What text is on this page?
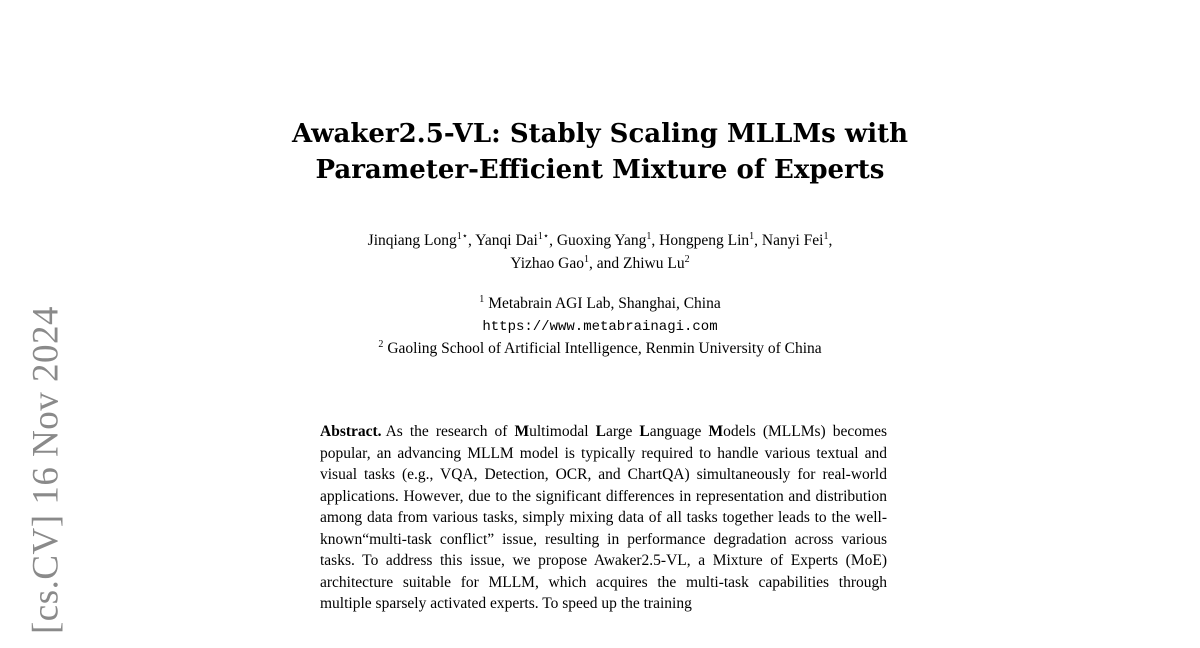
[cs.CV] 16 Nov 2024
Awaker2.5-VL: Stably Scaling MLLMs with
Parameter-Efficient Mixture of Experts
Jinqiang Long$^{1⋆}$, Yanqi Dai$^{1⋆}$, Guoxing Yang$^1$, Hongpeng Lin$^1$, Nanyi Fei$^1$,
Yizhao Gao$^1$, and Zhiwu Lu$^2$
$^1$ Metabrain AGI Lab, Shanghai, China
https://www.metabrainagi.com
$^2$ Gaoling School of Artificial Intelligence, Renmin University of China

Abstract. As the research of Multimodal Large Language Models (MLLMs) becomes popular, an advancing MLLM model is typically required to handle various textual and visual tasks (e.g., VQA, Detection, OCR, and ChartQA) simultaneously for real-world applications. However, due to the significant differences in representation and distribution among data from various tasks, simply mixing data of all tasks together leads to the well-known“multi-task conflict” issue, resulting in performance degradation across various tasks. To address this issue, we propose Awaker2.5-VL, a Mixture of Experts (MoE) architecture suitable for MLLM, which acquires the multi-task capabilities through multiple sparsely activated experts. To speed up the training
